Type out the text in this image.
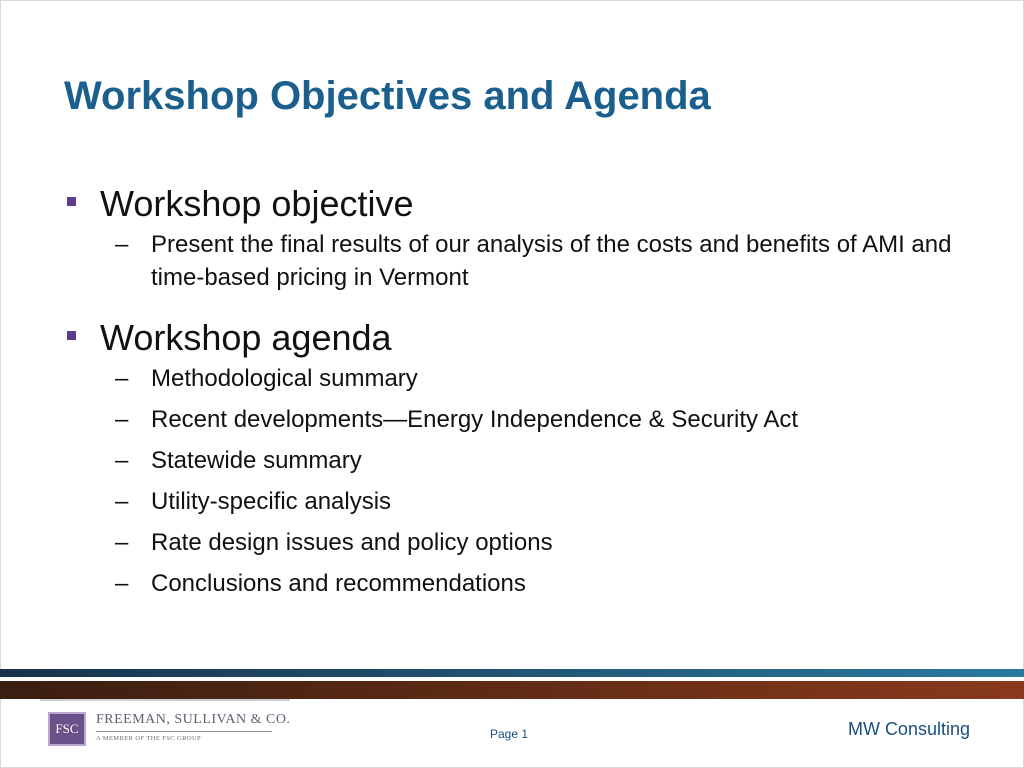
Workshop Objectives and Agenda
Workshop objective
– Present the final results of our analysis of the costs and benefits of AMI and time-based pricing in Vermont
Workshop agenda
– Methodological summary
– Recent developments—Energy Independence & Security Act
– Statewide summary
– Utility-specific analysis
– Rate design issues and policy options
– Conclusions and recommendations
FSC
FREEMAN, SULLIVAN & CO.
A MEMBER OF THE FSC GROUP	Page 1	MW Consulting
